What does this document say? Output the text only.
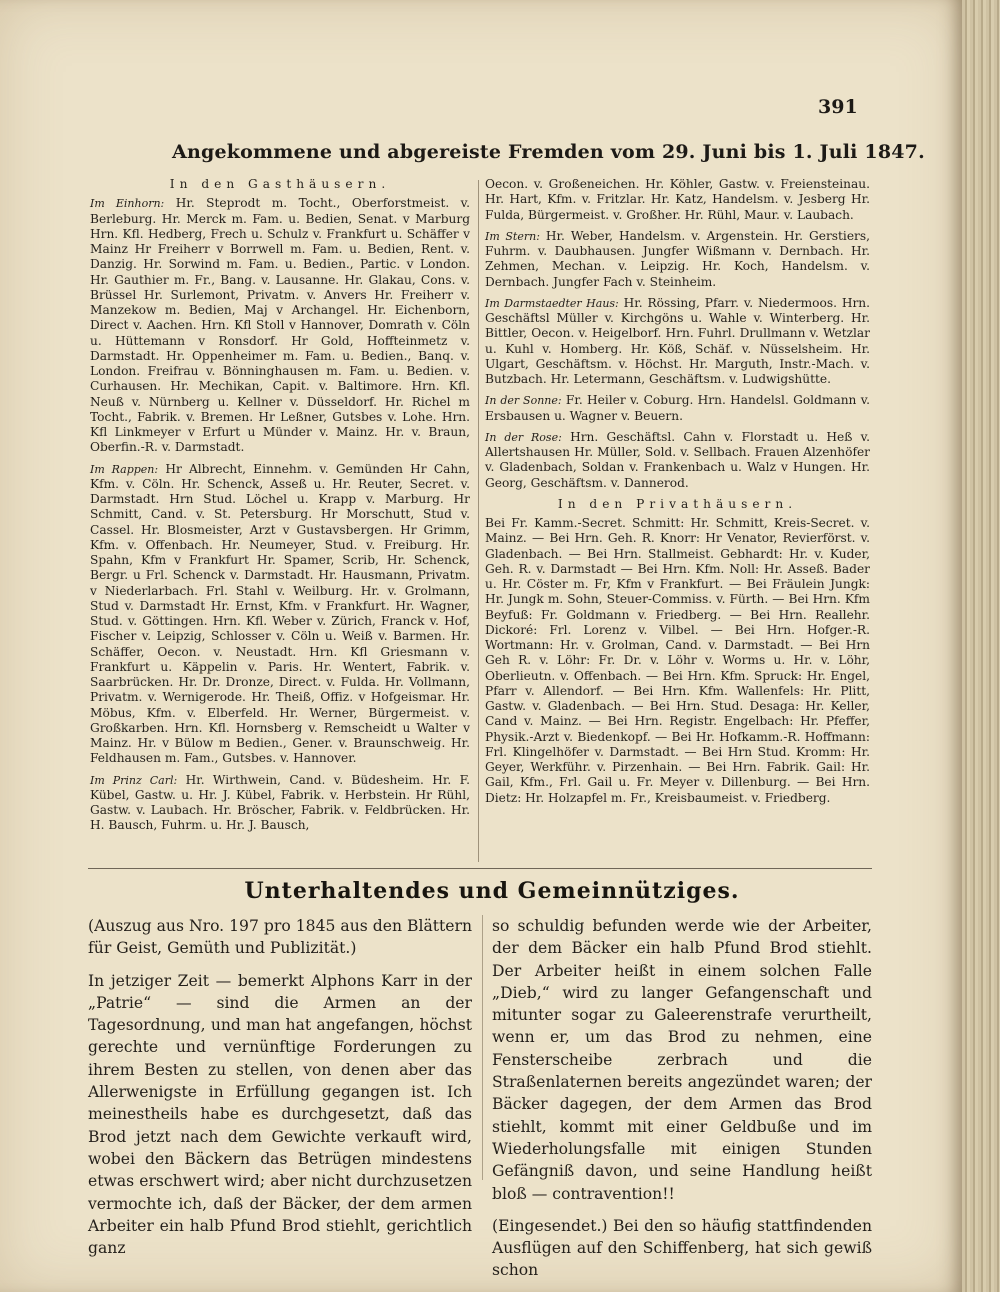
391
Angekommene und abgereiste Fremden vom 29. Juni bis 1. Juli 1847.

In den Gasthäusern.

Im Einhorn: Hr. Steprodt m. Tocht., Oberforstmeist. v. Berleburg. Hr. Merck m. Fam. u. Bedien, Senat. v Marburg Hrn. Kfl. Hedberg, Frech u. Schulz v. Frankfurt u. Schäffer v Mainz Hr Freiherr v Borrwell m. Fam. u. Bedien, Rent. v. Danzig. Hr. Sorwind m. Fam. u. Bedien., Partic. v London. Hr. Gauthier m. Fr., Bang. v. Lausanne. Hr. Glakau, Cons. v. Brüssel Hr. Surlemont, Privatm. v. Anvers Hr. Freiherr v. Manzekow m. Bedien, Maj v Archangel. Hr. Eichenborn, Direct v. Aachen. Hrn. Kfl Stoll v Hannover, Domrath v. Cöln u. Hüttemann v Ronsdorf. Hr Gold, Hoffteinmetz v. Darmstadt. Hr. Oppenheimer m. Fam. u. Bedien., Banq. v. London. Freifrau v. Bönninghausen m. Fam. u. Bedien. v. Curhausen. Hr. Mechikan, Capit. v. Baltimore. Hrn. Kfl. Neuß v. Nürnberg u. Kellner v. Düsseldorf. Hr. Richel m Tocht., Fabrik. v. Bremen. Hr Leßner, Gutsbes v. Lohe. Hrn. Kfl Linkmeyer v Erfurt u Münder v. Mainz. Hr. v. Braun, Oberfin.-R. v. Darmstadt.

Im Rappen: Hr Albrecht, Einnehm. v. Gemünden Hr Cahn, Kfm. v. Cöln. Hr. Schenck, Asseß u. Hr. Reuter, Secret. v. Darmstadt. Hrn Stud. Löchel u. Krapp v. Marburg. Hr Schmitt, Cand. v. St. Petersburg. Hr Morschutt, Stud v. Cassel. Hr. Blosmeister, Arzt v Gustavsbergen. Hr Grimm, Kfm. v. Offenbach. Hr. Neumeyer, Stud. v. Freiburg. Hr. Spahn, Kfm v Frankfurt Hr. Spamer, Scrib, Hr. Schenck, Bergr. u Frl. Schenck v. Darmstadt. Hr. Hausmann, Privatm. v Niederlarbach. Frl. Stahl v. Weilburg. Hr. v. Grolmann, Stud v. Darmstadt Hr. Ernst, Kfm. v Frankfurt. Hr. Wagner, Stud. v. Göttingen. Hrn. Kfl. Weber v. Zürich, Franck v. Hof, Fischer v. Leipzig, Schlosser v. Cöln u. Weiß v. Barmen. Hr. Schäffer, Oecon. v. Neustadt. Hrn. Kfl Griesmann v. Frankfurt u. Käppelin v. Paris. Hr. Wentert, Fabrik. v. Saarbrücken. Hr. Dr. Dronze, Direct. v. Fulda. Hr. Vollmann, Privatm. v. Wernigerode. Hr. Theiß, Offiz. v Hofgeismar. Hr. Möbus, Kfm. v. Elberfeld. Hr. Werner, Bürgermeist. v. Großkarben. Hrn. Kfl. Hornsberg v. Remscheidt u Walter v Mainz. Hr. v Bülow m Bedien., Gener. v. Braunschweig. Hr. Feldhausen m. Fam., Gutsbes. v. Hannover.

Im Prinz Carl: Hr. Wirthwein, Cand. v. Büdesheim. Hr. F. Kübel, Gastw. u. Hr. J. Kübel, Fabrik. v. Herbstein. Hr Rühl, Gastw. v. Laubach. Hr. Bröscher, Fabrik. v. Feldbrücken. Hr. H. Bausch, Fuhrm. u. Hr. J. Bausch,

Oecon. v. Großeneichen. Hr. Köhler, Gastw. v. Freiensteinau. Hr. Hart, Kfm. v. Fritzlar. Hr. Katz, Handelsm. v. Jesberg Hr. Fulda, Bürgermeist. v. Großher. Hr. Rühl, Maur. v. Laubach.

Im Stern: Hr. Weber, Handelsm. v. Argenstein. Hr. Gerstiers, Fuhrm. v. Daubhausen. Jungfer Wißmann v. Dernbach. Hr. Zehmen, Mechan. v. Leipzig. Hr. Koch, Handelsm. v. Dernbach. Jungfer Fach v. Steinheim.

Im Darmstaedter Haus: Hr. Rössing, Pfarr. v. Niedermoos. Hrn. Geschäftsl Müller v. Kirchgöns u. Wahle v. Winterberg. Hr. Bittler, Oecon. v. Heigelborf. Hrn. Fuhrl. Drullmann v. Wetzlar u. Kuhl v. Homberg. Hr. Köß, Schäf. v. Nüsselsheim. Hr. Ulgart, Geschäftsm. v. Höchst. Hr. Marguth, Instr.-Mach. v. Butzbach. Hr. Letermann, Geschäftsm. v. Ludwigshütte.

In der Sonne: Fr. Heiler v. Coburg. Hrn. Handelsl. Goldmann v. Ersbausen u. Wagner v. Beuern.

In der Rose: Hrn. Geschäftsl. Cahn v. Florstadt u. Heß v. Allertshausen Hr. Müller, Sold. v. Sellbach. Frauen Alzenhöfer v. Gladenbach, Soldan v. Frankenbach u. Walz v Hungen. Hr. Georg, Geschäftsm. v. Dannerod.

In den Privathäusern.

Bei Fr. Kamm.-Secret. Schmitt: Hr. Schmitt, Kreis-Secret. v. Mainz. — Bei Hrn. Geh. R. Knorr: Hr Venator, Revierförst. v. Gladenbach. — Bei Hrn. Stallmeist. Gebhardt: Hr. v. Kuder, Geh. R. v. Darmstadt — Bei Hrn. Kfm. Noll: Hr. Asseß. Bader u. Hr. Cöster m. Fr, Kfm v Frankfurt. — Bei Fräulein Jungk: Hr. Jungk m. Sohn, Steuer-Commiss. v. Fürth. — Bei Hrn. Kfm Beyfuß: Fr. Goldmann v. Friedberg. — Bei Hrn. Reallehr. Dickoré: Frl. Lorenz v. Vilbel. — Bei Hrn. Hofger.-R. Wortmann: Hr. v. Grolman, Cand. v. Darmstadt. — Bei Hrn Geh R. v. Löhr: Fr. Dr. v. Löhr v. Worms u. Hr. v. Löhr, Oberlieutn. v. Offenbach. — Bei Hrn. Kfm. Spruck: Hr. Engel, Pfarr v. Allendorf. — Bei Hrn. Kfm. Wallenfels: Hr. Plitt, Gastw. v. Gladenbach. — Bei Hrn. Stud. Desaga: Hr. Keller, Cand v. Mainz. — Bei Hrn. Registr. Engelbach: Hr. Pfeffer, Physik.-Arzt v. Biedenkopf. — Bei Hr. Hofkamm.-R. Hoffmann: Frl. Klingelhöfer v. Darmstadt. — Bei Hrn Stud. Kromm: Hr. Geyer, Werkführ. v. Pirzenhain. — Bei Hrn. Fabrik. Gail: Hr. Gail, Kfm., Frl. Gail u. Fr. Meyer v. Dillenburg. — Bei Hrn. Dietz: Hr. Holzapfel m. Fr., Kreisbaumeist. v. Friedberg.

Unterhaltendes und Gemeinnütziges.

(Auszug aus Nro. 197 pro 1845 aus den Blättern für Geist, Gemüth und Publizität.)

In jetziger Zeit — bemerkt Alphons Karr in der „Patrie“ — sind die Armen an der Tagesordnung, und man hat angefangen, höchst gerechte und vernünftige Forderungen zu ihrem Besten zu stellen, von denen aber das Allerwenigste in Erfüllung gegangen ist. Ich meinestheils habe es durchgesetzt, daß das Brod jetzt nach dem Gewichte verkauft wird, wobei den Bäckern das Betrügen mindestens etwas erschwert wird; aber nicht durchzusetzen vermochte ich, daß der Bäcker, der dem armen Arbeiter ein halb Pfund Brod stiehlt, gerichtlich ganz

so schuldig befunden werde wie der Arbeiter, der dem Bäcker ein halb Pfund Brod stiehlt. Der Arbeiter heißt in einem solchen Falle „Dieb,“ wird zu langer Gefangenschaft und mitunter sogar zu Galeerenstrafe verurtheilt, wenn er, um das Brod zu nehmen, eine Fensterscheibe zerbrach und die Straßenlaternen bereits angezündet waren; der Bäcker dagegen, der dem Armen das Brod stiehlt, kommt mit einer Geldbuße und im Wiederholungsfalle mit einigen Stunden Gefängniß davon, und seine Handlung heißt bloß — contravention!!

(Eingesendet.) Bei den so häufig stattfindenden Ausflügen auf den Schiffenberg, hat sich gewiß schon
